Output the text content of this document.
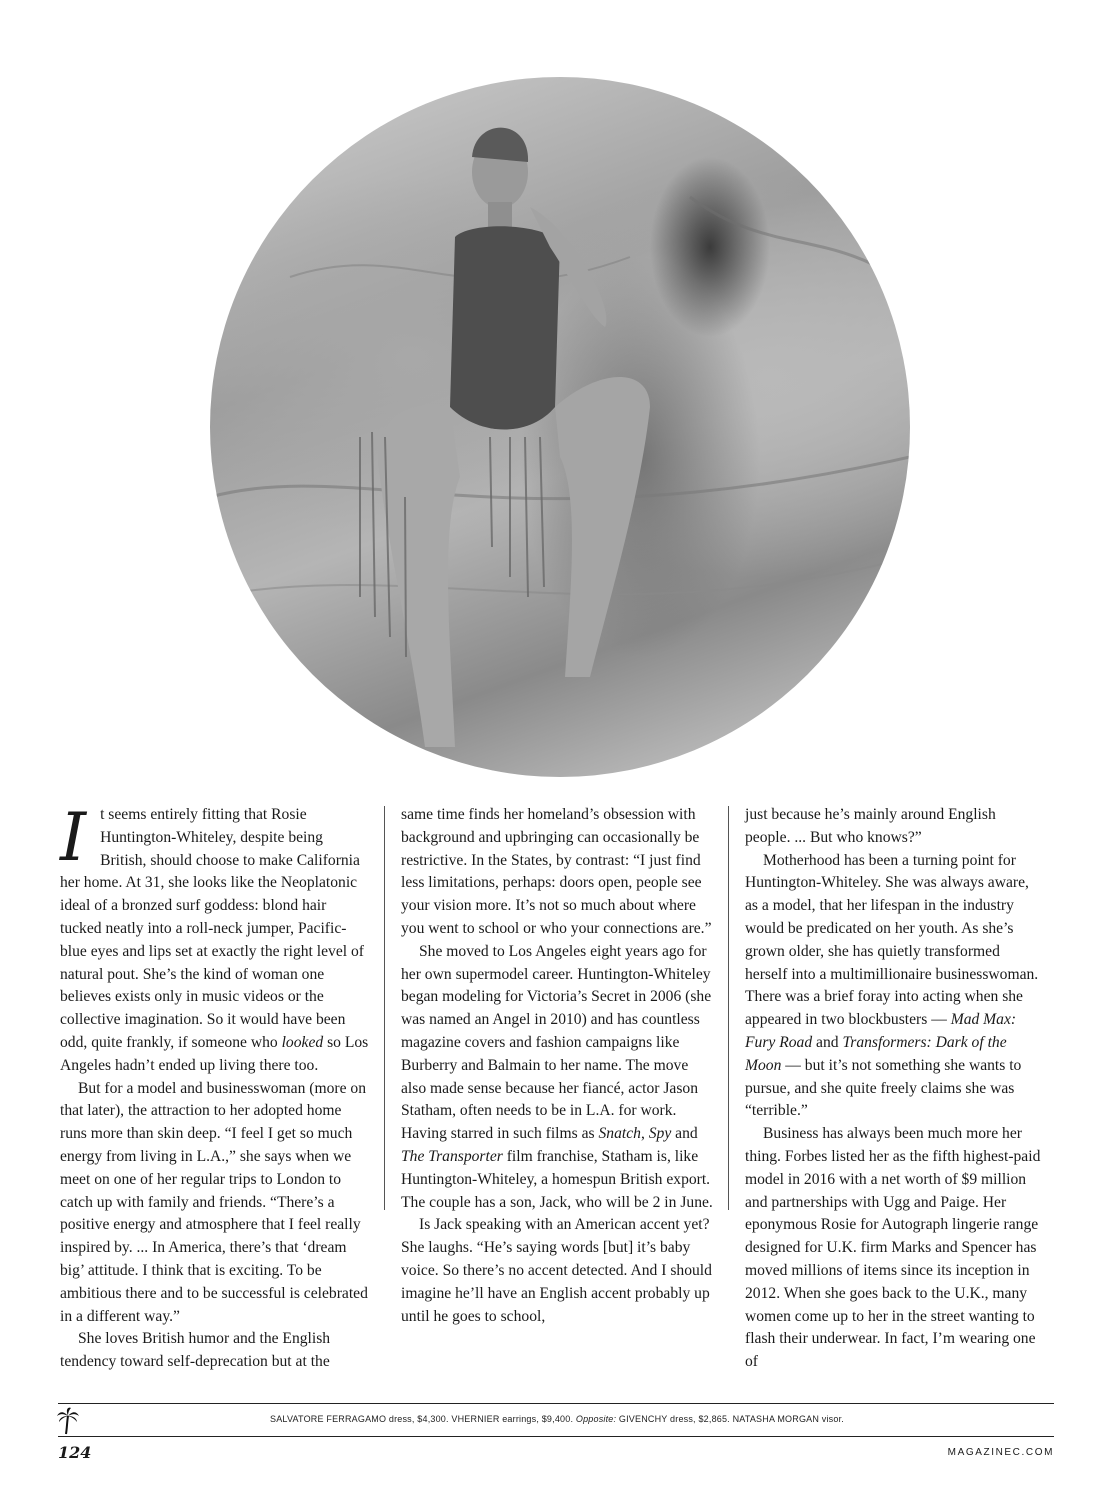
It seems entirely fitting that Rosie Huntington-Whiteley, despite being British, should choose to make California her home. At 31, she looks like the Neoplatonic ideal of a bronzed surf goddess: blond hair tucked neatly into a roll-neck jumper, Pacific-blue eyes and lips set at exactly the right level of natural pout. She’s the kind of woman one believes exists only in music videos or the collective imagination. So it would have been odd, quite frankly, if someone who looked so Los Angeles hadn’t ended up living there too.

But for a model and businesswoman (more on that later), the attraction to her adopted home runs more than skin deep. “I feel I get so much energy from living in L.A.,” she says when we meet on one of her regular trips to London to catch up with family and friends. “There’s a positive energy and atmosphere that I feel really inspired by. ... In America, there’s that ‘dream big’ attitude. I think that is exciting. To be ambitious there and to be successful is celebrated in a different way.”

She loves British humor and the English tendency toward self-deprecation but at the

same time finds her homeland’s obsession with background and upbringing can occasionally be restrictive. In the States, by contrast: “I just find less limitations, perhaps: doors open, people see your vision more. It’s not so much about where you went to school or who your connections are.”

She moved to Los Angeles eight years ago for her own supermodel career. Huntington-Whiteley began modeling for Victoria’s Secret in 2006 (she was named an Angel in 2010) and has countless magazine covers and fashion campaigns like Burberry and Balmain to her name. The move also made sense because her fiancé, actor Jason Statham, often needs to be in L.A. for work. Having starred in such films as Snatch, Spy and The Transporter film franchise, Statham is, like Huntington-Whiteley, a homespun British export. The couple has a son, Jack, who will be 2 in June.

Is Jack speaking with an American accent yet? She laughs. “He’s saying words [but] it’s baby voice. So there’s no accent detected. And I should imagine he’ll have an English accent probably up until he goes to school,

just because he’s mainly around English people. ... But who knows?”

Motherhood has been a turning point for Huntington-Whiteley. She was always aware, as a model, that her lifespan in the industry would be predicated on her youth. As she’s grown older, she has quietly transformed herself into a multimillionaire businesswoman. There was a brief foray into acting when she appeared in two blockbusters — Mad Max: Fury Road and Transformers: Dark of the Moon — but it’s not something she wants to pursue, and she quite freely claims she was “terrible.”

Business has always been much more her thing. Forbes listed her as the fifth highest-paid model in 2016 with a net worth of $9 million and partnerships with Ugg and Paige. Her eponymous Rosie for Autograph lingerie range designed for U.K. firm Marks and Spencer has moved millions of items since its inception in 2012. When she goes back to the U.K., many women come up to her in the street wanting to flash their underwear. In fact, I’m wearing one of

SALVATORE FERRAGAMO dress, $4,300. VHERNIER earrings, $9,400. Opposite: GIVENCHY dress, $2,865. NATASHA MORGAN visor.
124	MAGAZINEC.COM
